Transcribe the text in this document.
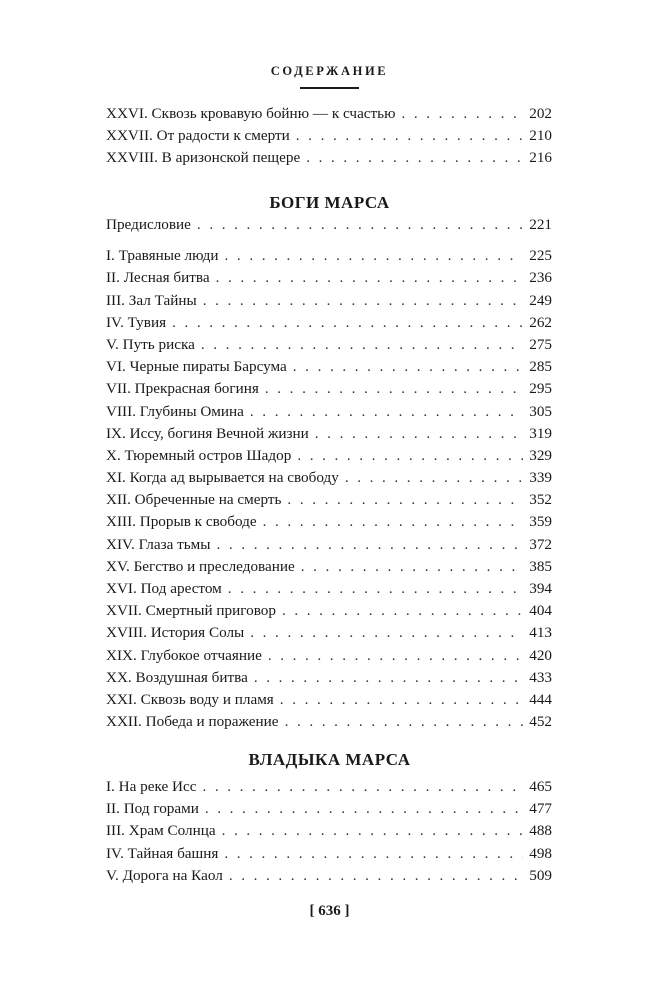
СОДЕРЖАНИЕ
XXVI. Сквозь кровавую бойню — к счастью . . .	202
XXVII. От радости к смерти . . .	210
XXVIII. В аризонской пещере . . .	216
БОГИ МАРСА
Предисловие . . .	221
I. Травяные люди . . .	225
II. Лесная битва . . .	236
III. Зал Тайны . . .	249
IV. Тувия . . .	262
V. Путь риска . . .	275
VI. Черные пираты Барсума . . .	285
VII. Прекрасная богиня . . .	295
VIII. Глубины Омина . . .	305
IX. Иссу, богиня Вечной жизни . . .	319
X. Тюремный остров Шадор . . .	329
XI. Когда ад вырывается на свободу . . .	339
XII. Обреченные на смерть . . .	352
XIII. Прорыв к свободе . . .	359
XIV. Глаза тьмы . . .	372
XV. Бегство и преследование . . .	385
XVI. Под арестом . . .	394
XVII. Смертный приговор . . .	404
XVIII. История Солы . . .	413
XIX. Глубокое отчаяние . . .	420
XX. Воздушная битва . . .	433
XXI. Сквозь воду и пламя . . .	444
XXII. Победа и поражение . . .	452
ВЛАДЫКА МАРСА
I. На реке Исс . . .	465
II. Под горами . . .	477
III. Храм Солнца . . .	488
IV. Тайная башня . . .	498
V. Дорога на Каол . . .	509
[ 636 ]
